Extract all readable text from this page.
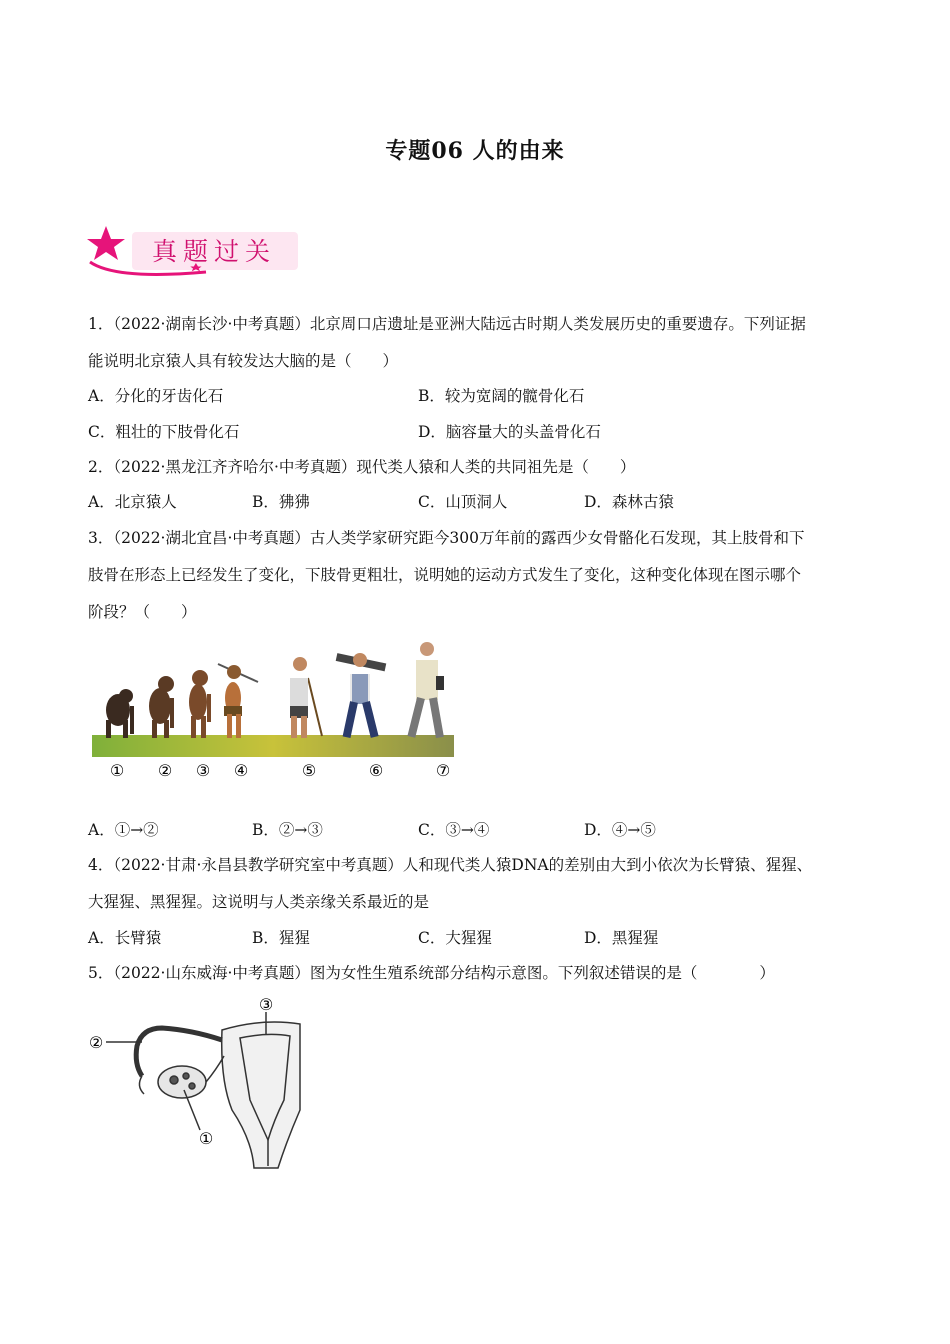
专题06 人的由来
真题过关
1．（2022·湖南长沙·中考真题）北京周口店遗址是亚洲大陆远古时期人类发展历史的重要遗存。下列证据
能说明北京猿人具有较发达大脑的是（　　）
A．分化的牙齿化石	B．较为宽阔的髋骨化石
C．粗壮的下肢骨化石	D．脑容量大的头盖骨化石
2．（2022·黑龙江齐齐哈尔·中考真题）现代类人猿和人类的共同祖先是（　　）
A．北京猿人	B．狒狒	C．山顶洞人	D．森林古猿
3．（2022·湖北宜昌·中考真题）古人类学家研究距今300万年前的露西少女骨骼化石发现，其上肢骨和下
肢骨在形态上已经发生了变化，下肢骨更粗壮，说明她的运动方式发生了变化，这种变化体现在图示哪个
阶段？（　　）
① ② ③ ④	⑤	⑥	⑦
A．①→②	B．②→③	C．③→④	D．④→⑤
4．（2022·甘肃·永昌县教学研究室中考真题）人和现代类人猿DNA的差别由大到小依次为长臂猿、猩猩、
大猩猩、黑猩猩。这说明与人类亲缘关系最近的是
A．长臂猿	B．猩猩	C．大猩猩	D．黑猩猩
5．（2022·山东威海·中考真题）图为女性生殖系统部分结构示意图。下列叙述错误的是（　　　　）
③
②
①
